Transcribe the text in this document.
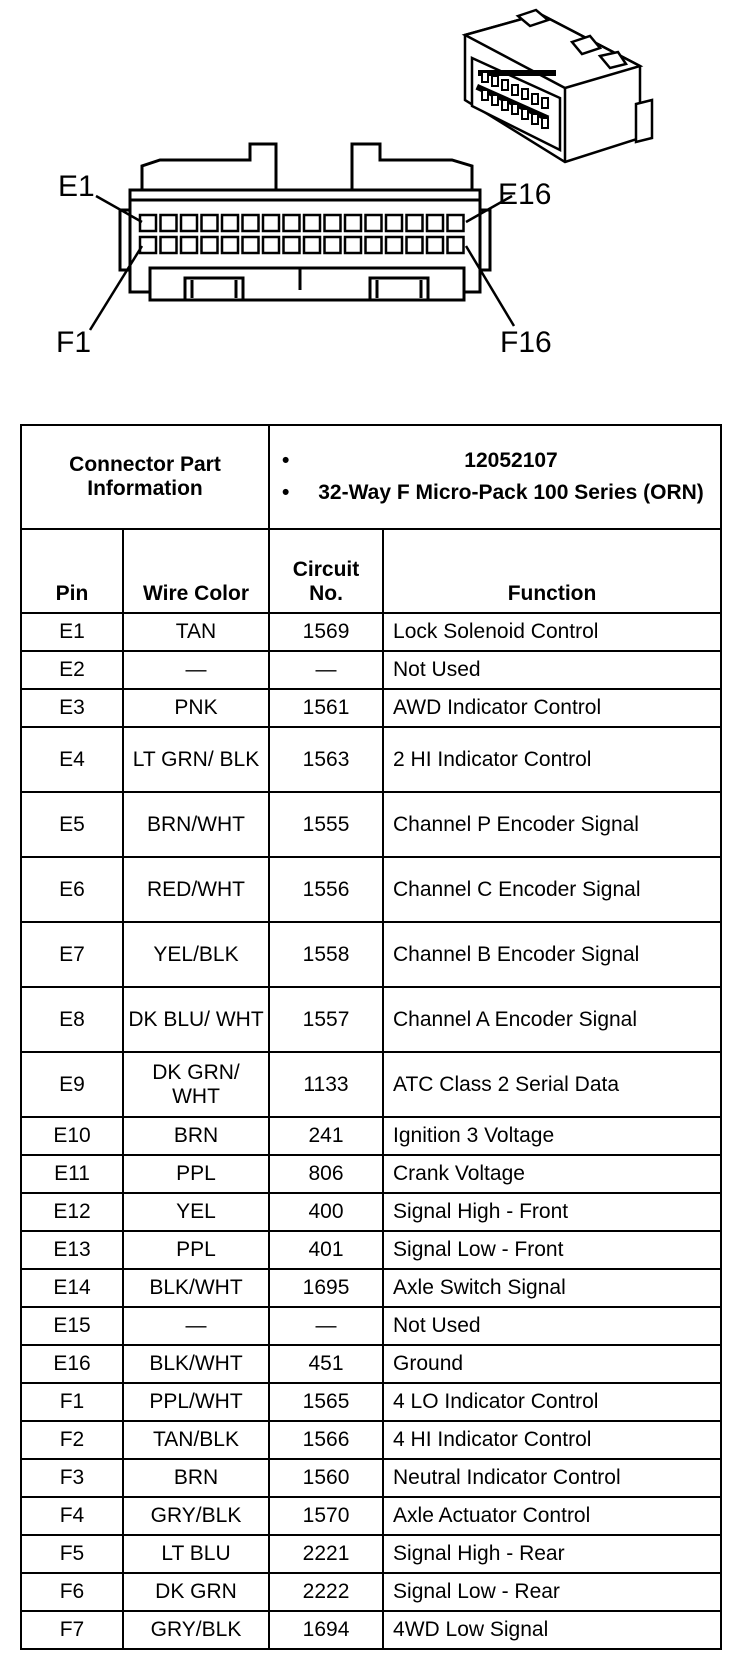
E1	E16
F1	F16
Connector Part Information		• 12052107
• 32-Way F Micro-Pack 100 Series (ORN)

Pin	Wire Color	Circuit No.	Function
E1	TAN	1569	Lock Solenoid Control
E2	—	—	Not Used
E3	PNK	1561	AWD Indicator Control
E4	LT GRN/ BLK	1563	2 HI Indicator Control
E5	BRN/WHT	1555	Channel P Encoder Signal
E6	RED/WHT	1556	Channel C Encoder Signal
E7	YEL/BLK	1558	Channel B Encoder Signal
E8	DK BLU/ WHT	1557	Channel A Encoder Signal
E9	DK GRN/ WHT	1133	ATC Class 2 Serial Data
E10	BRN	241	Ignition 3 Voltage
E11	PPL	806	Crank Voltage
E12	YEL	400	Signal High - Front
E13	PPL	401	Signal Low - Front
E14	BLK/WHT	1695	Axle Switch Signal
E15	—	—	Not Used
E16	BLK/WHT	451	Ground
F1	PPL/WHT	1565	4 LO Indicator Control
F2	TAN/BLK	1566	4 HI Indicator Control
F3	BRN	1560	Neutral Indicator Control
F4	GRY/BLK	1570	Axle Actuator Control
F5	LT BLU	2221	Signal High - Rear
F6	DK GRN	2222	Signal Low - Rear
F7	GRY/BLK	1694	4WD Low Signal
